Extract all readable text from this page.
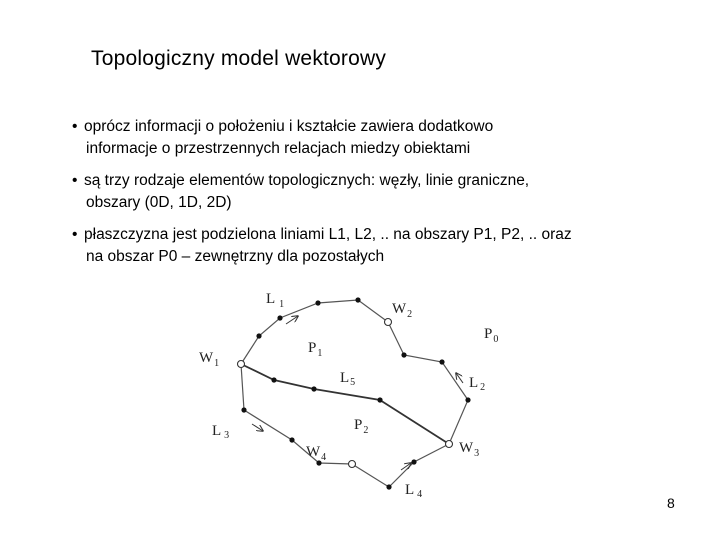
Topologiczny model wektorowy
• oprócz informacji o położeniu i kształcie zawiera dodatkowo
informacje o przestrzennych relacjach miedzy obiektami
• są trzy rodzaje elementów topologicznych: węzły, linie graniczne,
obszary (0D, 1D, 2D)
• płaszczyzna jest podzielona liniami L1, L2, .. na obszary P1, P2, .. oraz
na obszar P0 – zewnętrzny dla pozostałych
L $_1$	$W_2$
$P_0$
$W_1$
$P_1$
L5	L 2
L 3
$P_2$
$W_4$
$W_3$
L 4
8
